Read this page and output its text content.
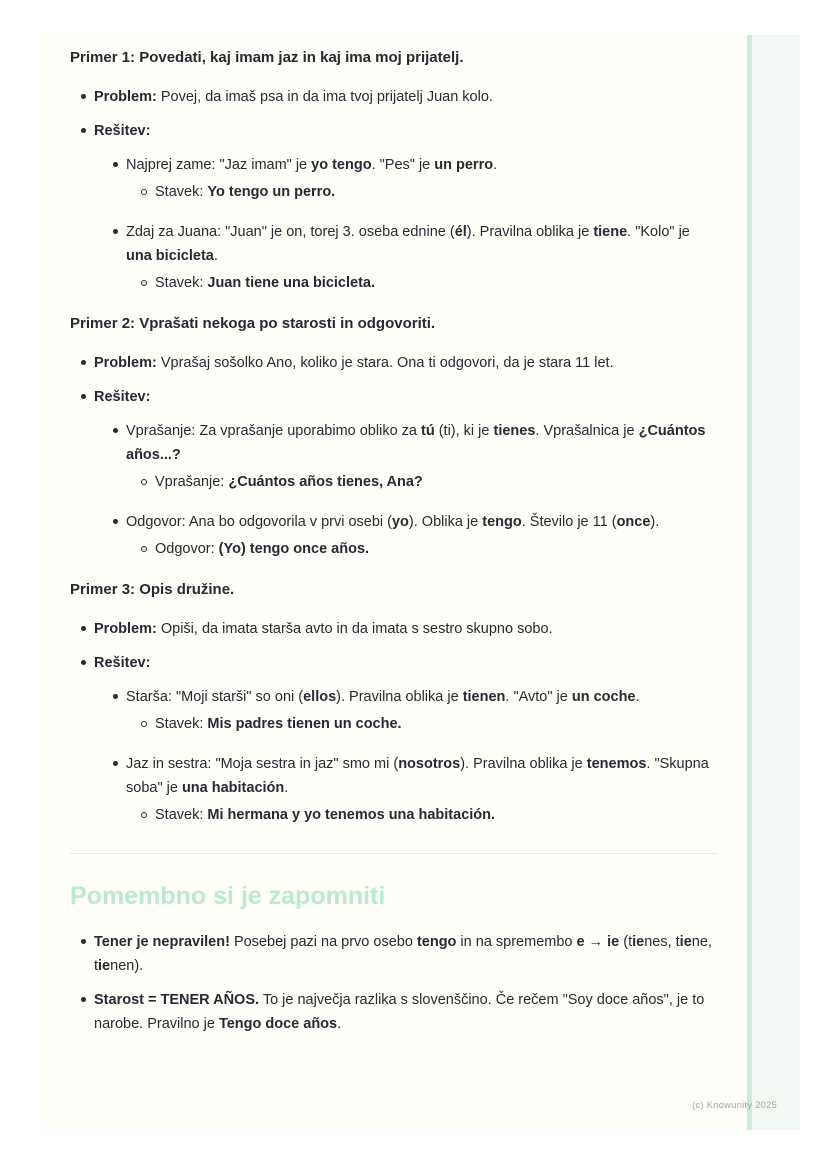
Primer 1: Povedati, kaj imam jaz in kaj ima moj prijatelj.
Problem: Povej, da imaš psa in da ima tvoj prijatelj Juan kolo.
Rešitev:
Najprej zame: "Jaz imam" je yo tengo. "Pes" je un perro.
Stavek: Yo tengo un perro.
Zdaj za Juana: "Juan" je on, torej 3. oseba ednine (él). Pravilna oblika je tiene. "Kolo" je una bicicleta.
Stavek: Juan tiene una bicicleta.
Primer 2: Vprašati nekoga po starosti in odgovoriti.
Problem: Vprašaj sošolko Ano, koliko je stara. Ona ti odgovori, da je stara 11 let.
Rešitev:
Vprašanje: Za vprašanje uporabimo obliko za tú (ti), ki je tienes. Vprašalnica je ¿Cuántos años...?
Vprašanje: ¿Cuántos años tienes, Ana?
Odgovor: Ana bo odgovorila v prvi osebi (yo). Oblika je tengo. Število je 11 (once).
Odgovor: (Yo) tengo once años.
Primer 3: Opis družine.
Problem: Opiši, da imata starša avto in da imata s sestro skupno sobo.
Rešitev:
Starša: "Moji starši" so oni (ellos). Pravilna oblika je tienen. "Avto" je un coche.
Stavek: Mis padres tienen un coche.
Jaz in sestra: "Moja sestra in jaz" smo mi (nosotros). Pravilna oblika je tenemos. "Skupna soba" je una habitación.
Stavek: Mi hermana y yo tenemos una habitación.
Pomembno si je zapomniti
Tener je nepravilen! Posebej pazi na prvo osebo tengo in na spremembo e → ie (tienes, tiene, tienen).
Starost = TENER AÑOS. To je največja razlika s slovenščino. Če rečem "Soy doce años", je to narobe. Pravilno je Tengo doce años.
(c) Knowunity 2025
